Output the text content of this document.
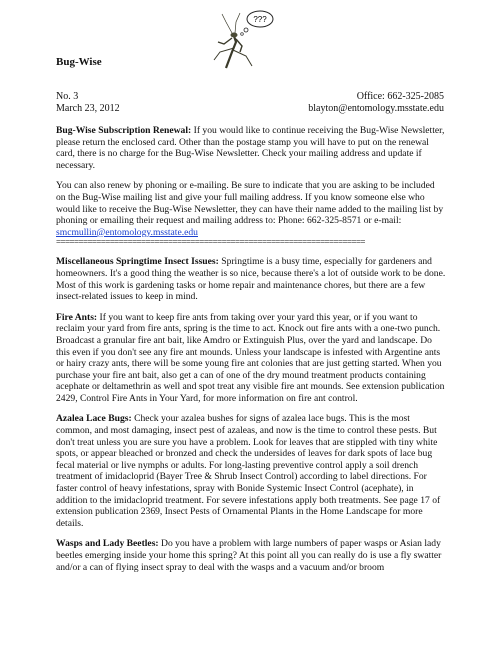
???
Bug-Wise
No. 3
March 23, 2012
Office: 662-325-2085
blayton@entomology.msstate.edu

Bug-Wise Subscription Renewal: If you would like to continue receiving the Bug-Wise Newsletter, please return the enclosed card. Other than the postage stamp you will have to put on the renewal card, there is no charge for the Bug-Wise Newsletter. Check your mailing address and update if necessary.

You can also renew by phoning or e-mailing. Be sure to indicate that you are asking to be included on the Bug-Wise mailing list and give your full mailing address. If you know someone else who would like to receive the Bug-Wise Newsletter, they can have their name added to the mailing list by phoning or emailing their request and mailing address to: Phone: 662-325-8571 or e-mail: smcmullin@entomology.msstate.edu

=====================================================================

Miscellaneous Springtime Insect Issues: Springtime is a busy time, especially for gardeners and homeowners. It's a good thing the weather is so nice, because there's a lot of outside work to be done. Most of this work is gardening tasks or home repair and maintenance chores, but there are a few insect-related issues to keep in mind.

Fire Ants: If you want to keep fire ants from taking over your yard this year, or if you want to reclaim your yard from fire ants, spring is the time to act. Knock out fire ants with a one-two punch. Broadcast a granular fire ant bait, like Amdro or Extinguish Plus, over the yard and landscape. Do this even if you don't see any fire ant mounds. Unless your landscape is infested with Argentine ants or hairy crazy ants, there will be some young fire ant colonies that are just getting started. When you purchase your fire ant bait, also get a can of one of the dry mound treatment products containing acephate or deltamethrin as well and spot treat any visible fire ant mounds. See extension publication 2429, Control Fire Ants in Your Yard, for more information on fire ant control.

Azalea Lace Bugs: Check your azalea bushes for signs of azalea lace bugs. This is the most common, and most damaging, insect pest of azaleas, and now is the time to control these pests. But don't treat unless you are sure you have a problem. Look for leaves that are stippled with tiny white spots, or appear bleached or bronzed and check the undersides of leaves for dark spots of lace bug fecal material or live nymphs or adults. For long-lasting preventive control apply a soil drench treatment of imidacloprid (Bayer Tree & Shrub Insect Control) according to label directions. For faster control of heavy infestations, spray with Bonide Systemic Insect Control (acephate), in addition to the imidacloprid treatment. For severe infestations apply both treatments. See page 17 of extension publication 2369, Insect Pests of Ornamental Plants in the Home Landscape for more details.

Wasps and Lady Beetles: Do you have a problem with large numbers of paper wasps or Asian lady beetles emerging inside your home this spring? At this point all you can really do is use a fly swatter and/or a can of flying insect spray to deal with the wasps and a vacuum and/or broom
